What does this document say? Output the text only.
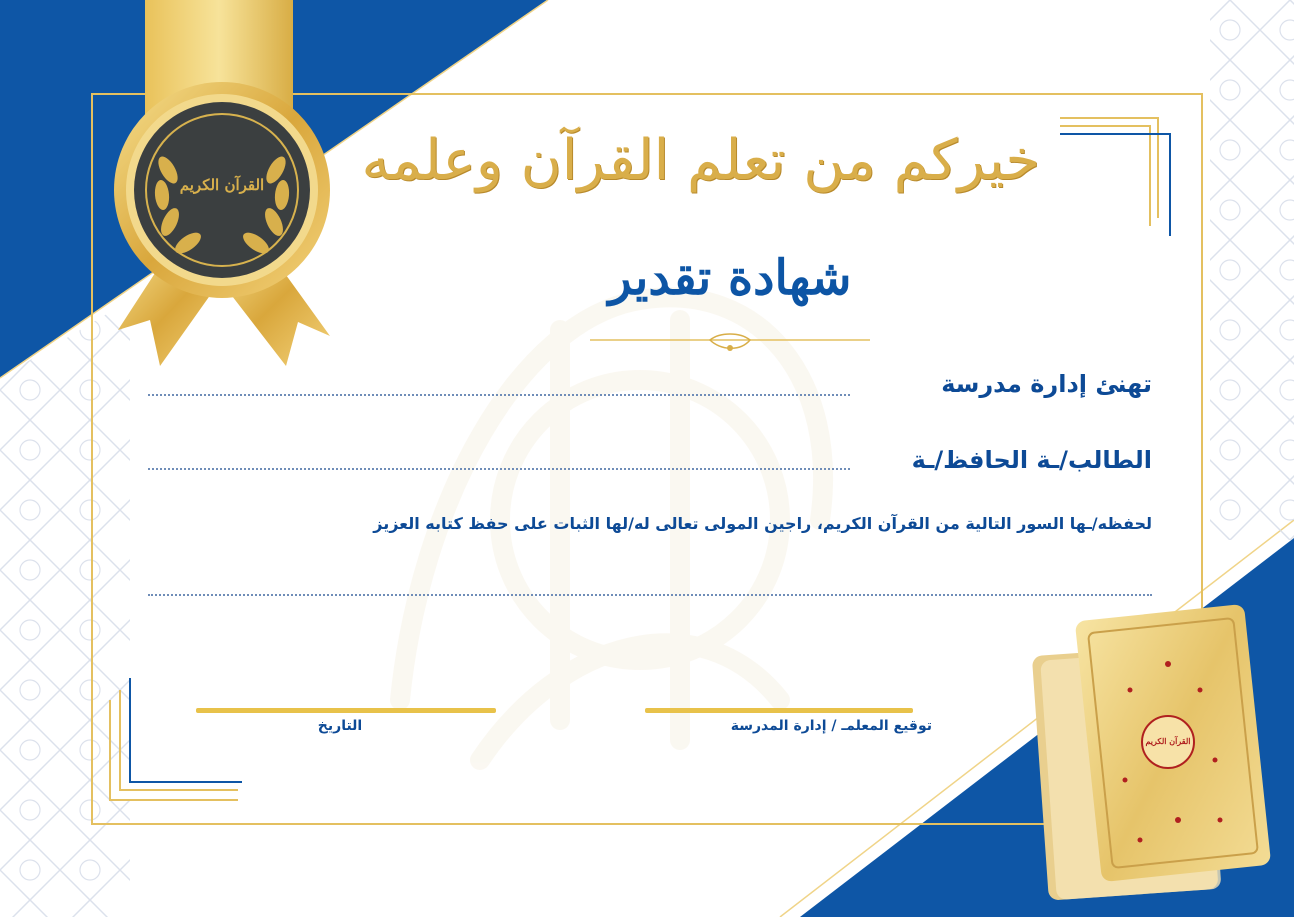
القرآن الكريم
القرآن الكريم
خيركم من تعلم القرآن وعلمه
شهادة تقدير
تهنئ إدارة مدرسة
الطالب/ـة الحافظ/ـة
لحفظه/ـها السور التالية من القرآن الكريم، راجين المولى تعالى له/لها الثبات على حفظ كتابه العزيز
توقيع المعلمـ / إدارة المدرسة
التاريخ
